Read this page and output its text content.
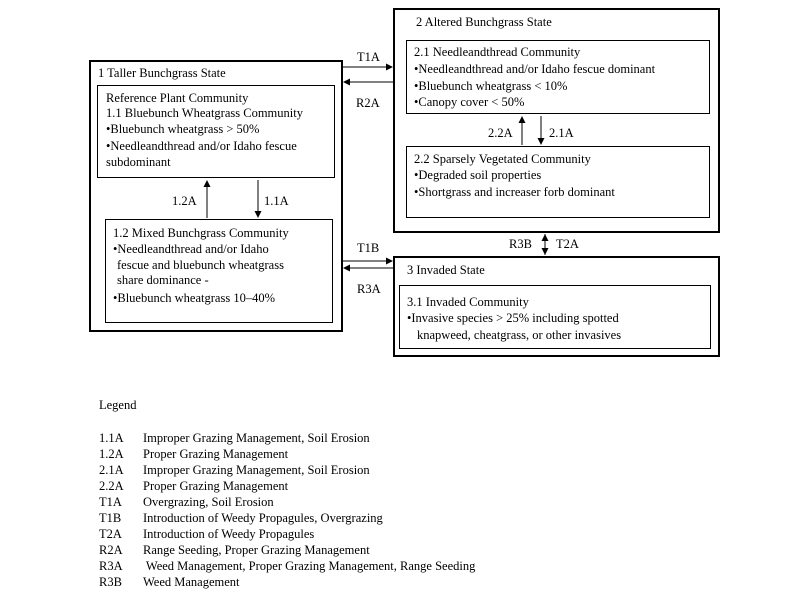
1 Taller Bunchgrass State
Reference Plant Community
1.1 Bluebunch Wheatgrass Community
•Bluebunch wheatgrass > 50%
•Needleandthread and/or Idaho fescue
subdominant
1.2 Mixed Bunchgrass Community
•Needleandthread and/or Idaho
fescue and bluebunch wheatgrass
share dominance -
•Bluebunch wheatgrass 10–40%
2 Altered Bunchgrass State
2.1 Needleandthread Community
•Needleandthread and/or Idaho fescue dominant
•Bluebunch wheatgrass < 10%
•Canopy cover < 50%
2.2 Sparsely Vegetated Community
•Degraded soil properties
•Shortgrass and increaser forb dominant
3 Invaded State
3.1 Invaded Community
•Invasive species > 25% including spotted
knapweed, cheatgrass, or other invasives
T1A
R2A
T1B
R3A
1.2A	1.1A
2.2A	2.1A
R3B T2A
Legend
1.1A Improper Grazing Management, Soil Erosion
1.2A Proper Grazing Management
2.1A Improper Grazing Management, Soil Erosion
2.2A Proper Grazing Management
T1A Overgrazing, Soil Erosion
T1B Introduction of Weedy Propagules, Overgrazing
T2A Introduction of Weedy Propagules
R2A Range Seeding, Proper Grazing Management
R3A Weed Management, Proper Grazing Management, Range Seeding
R3B Weed Management
